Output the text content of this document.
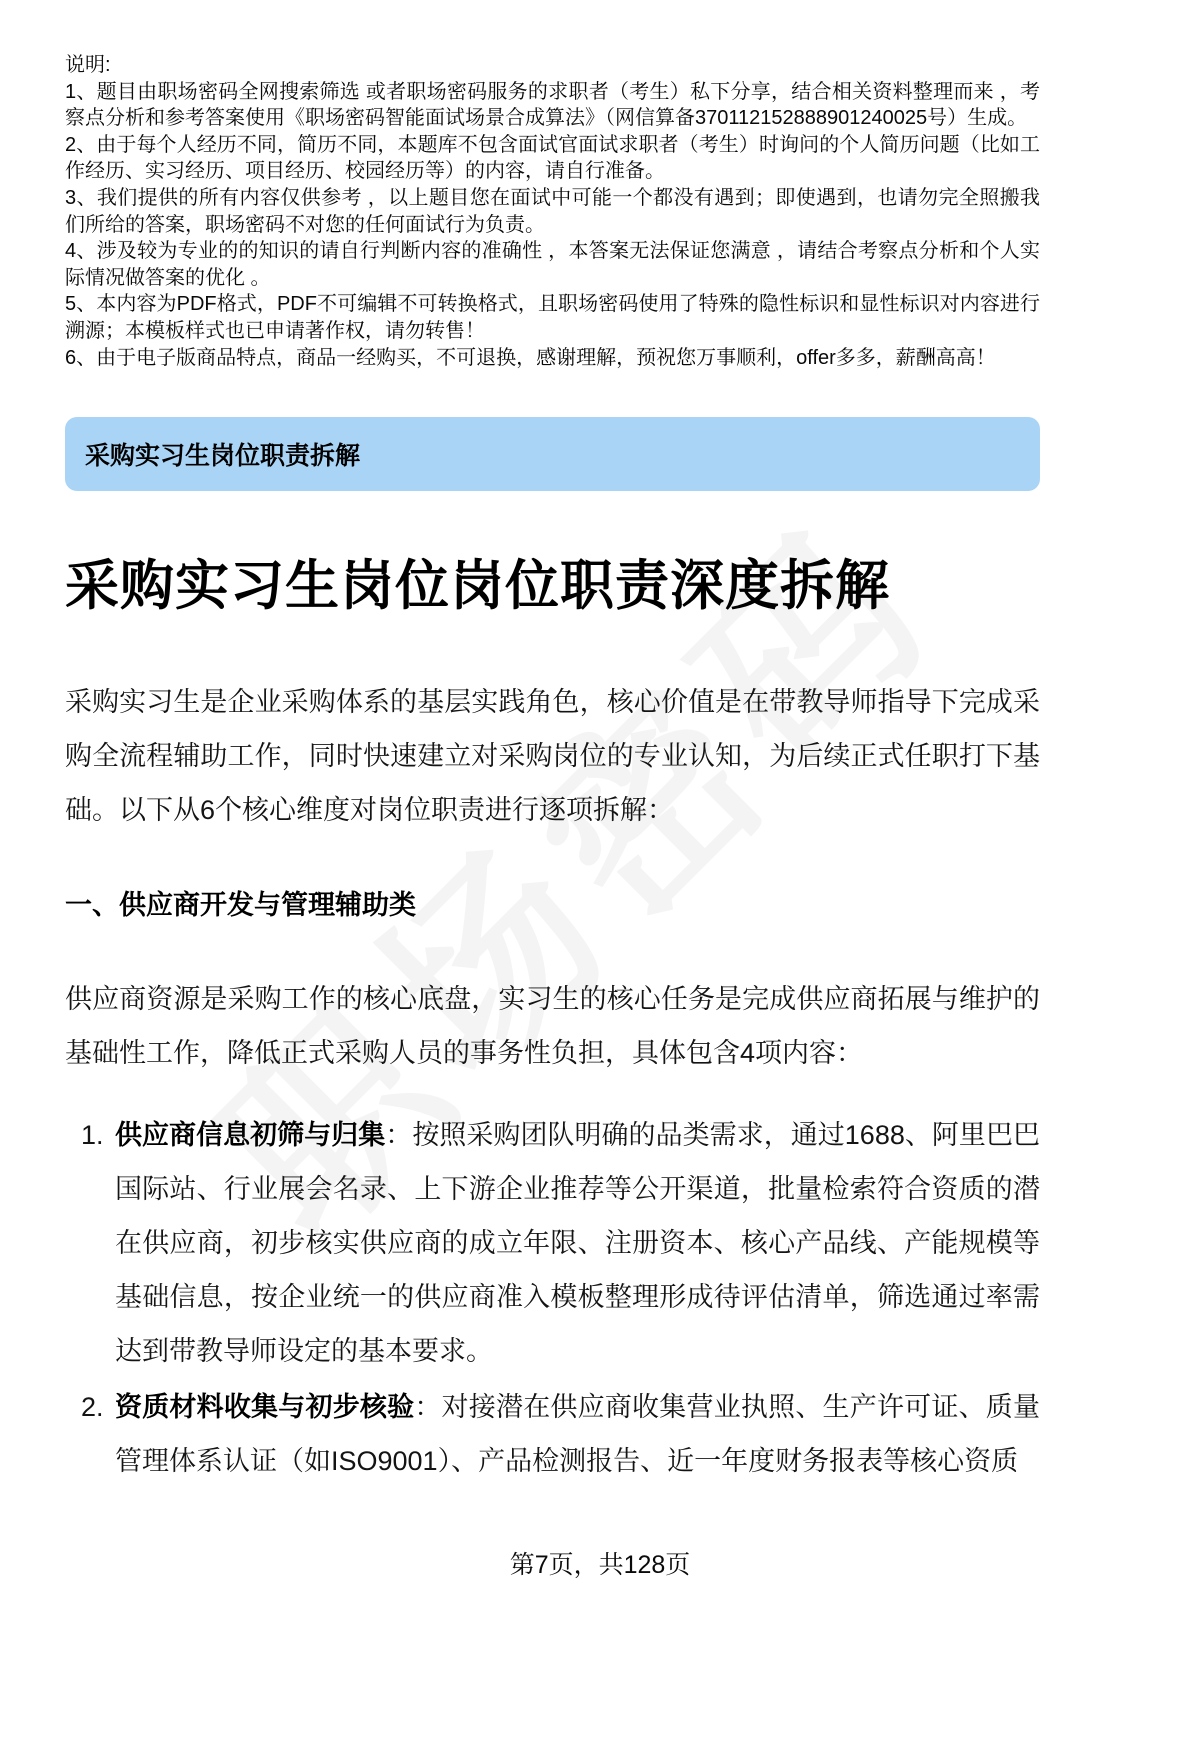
说明:

1、题目由职场密码全网搜索筛选 或者职场密码服务的求职者（考生）私下分享，结合相关资料整理而来 ，考察点分析和参考答案使用《职场密码智能面试场景合成算法》（网信算备370112152888901240025号）生成。

2、由于每个人经历不同，简历不同，本题库不包含面试官面试求职者（考生）时询问的个人简历问题（比如工作经历、实习经历、项目经历、校园经历等）的内容，请自行准备。

3、我们提供的所有内容仅供参考 ，以上题目您在面试中可能一个都没有遇到；即使遇到，也请勿完全照搬我们所给的答案，职场密码不对您的任何面试行为负责。

4、涉及较为专业的的知识的请自行判断内容的准确性 ，本答案无法保证您满意 ，请结合考察点分析和个人实际情况做答案的优化 。

5、本内容为PDF格式，PDF不可编辑不可转换格式，且职场密码使用了特殊的隐性标识和显性标识对内容进行溯源；本模板样式也已申请著作权，请勿转售！

6、由于电子版商品特点，商品一经购买，不可退换，感谢理解，预祝您万事顺利，offer多多，薪酬高高！

采购实习生岗位职责拆解
采购实习生岗位岗位职责深度拆解

采购实习生是企业采购体系的基层实践角色，核心价值是在带教导师指导下完成采购全流程辅助工作，同时快速建立对采购岗位的专业认知，为后续正式任职打下基础。以下从6个核心维度对岗位职责进行逐项拆解：

一、供应商开发与管理辅助类

供应商资源是采购工作的核心底盘，实习生的核心任务是完成供应商拓展与维护的基础性工作，降低正式采购人员的事务性负担，具体包含4项内容：

1. 供应商信息初筛与归集：按照采购团队明确的品类需求，通过1688、阿里巴巴国际站、行业展会名录、上下游企业推荐等公开渠道，批量检索符合资质的潜在供应商，初步核实供应商的成立年限、注册资本、核心产品线、产能规模等基础信息，按企业统一的供应商准入模板整理形成待评估清单，筛选通过率需达到带教导师设定的基本要求。
2. 资质材料收集与初步核验：对接潜在供应商收集营业执照、生产许可证、质量管理体系认证（如ISO9001）、产品检测报告、近一年度财务报表等核心资质
第7页，共128页
